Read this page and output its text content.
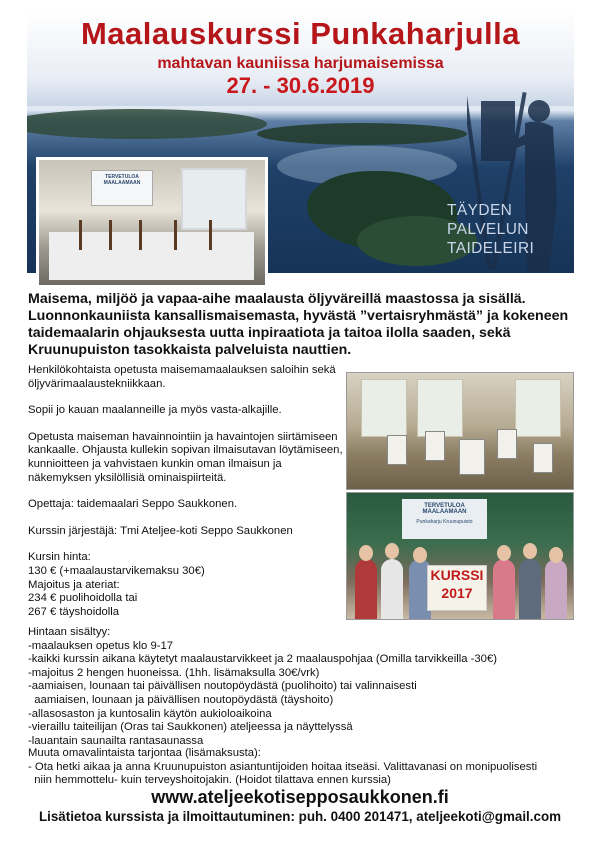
Maalauskurssi Punkaharjulla
mahtavan kauniissa harjumaisemissa
27. - 30.6.2019
TÄYDEN
PALVELUN
TAIDELEIRI
TERVETULOA MAALAAMAAN

Maisema, miljöö ja vapaa-aihe maalausta öljyväreillä maastossa ja sisällä. Luonnonkauniista kansallismaisemasta, hyvästä ”vertaisryhmästä” ja kokeneen taidemaalarin ohjauksesta uutta inpiraatiota ja taitoa ilolla saaden, sekä Kruunupuiston tasokkaista palveluista nauttien.

Henkilökohtaista opetusta maisemamaalauksen saloihin sekä öljyvärimaalaustekniikkaan.

Sopii jo kauan maalanneille ja myös vasta-alkajille.

Opetusta maiseman havainnointiin ja havaintojen siirtämiseen kankaalle. Ohjausta kullekin sopivan ilmaisutavan löytämiseen, kunnioitteen ja vahvistaen kunkin oman ilmaisun ja näkemyksen yksilöllisiä ominaispiirteitä.

Opettaja: taidemaalari Seppo Saukkonen.

Kurssin järjestäjä: Tmi Ateljee-koti Seppo Saukkonen

Kursin hinta:
130 € (+maalaustarvikemaksu 30€)
Majoitus ja ateriat:
234 € puolihoidolla tai
267 € täyshoidolla
TERVETULOA MAALAAMAAN
Punkaharju Kruunupuisto
KURSSI
2017

Hintaan sisältyy:

-maalauksen opetus klo 9-17

-kaikki kurssin aikana käytetyt maalaustarvikkeet ja 2 maalauspohjaa (Omilla tarvikkeilla -30€)

-majoitus 2 hengen huoneissa. (1hh. lisämaksulla 30€/vrk)

-aamiaisen, lounaan tai päivällisen noutopöydästä (puolihoito) tai valinnaisesti

aamiaisen, lounaan ja päivällisen noutopöydästä (täyshoito)

-allasosaston ja kuntosalin käytön aukioloaikoina

-vieraillu taiteilijan (Oras tai Saukkonen) ateljeessa ja näyttelyssä

-lauantain saunailta rantasaunassa

Muuta omavalintaista tarjontaa (lisämaksusta):

- Ota hetki aikaa ja anna Kruunupuiston asiantuntijoiden hoitaa itseäsi. Valittavanasi on monipuolisesti

niin hemmottelu- kuin terveyshoitojakin. (Hoidot tilattava ennen kurssia)

www.ateljeekotisepposaukkonen.fi
Lisätietoa kurssista ja ilmoittautuminen: puh. 0400 201471, ateljeekoti@gmail.com
